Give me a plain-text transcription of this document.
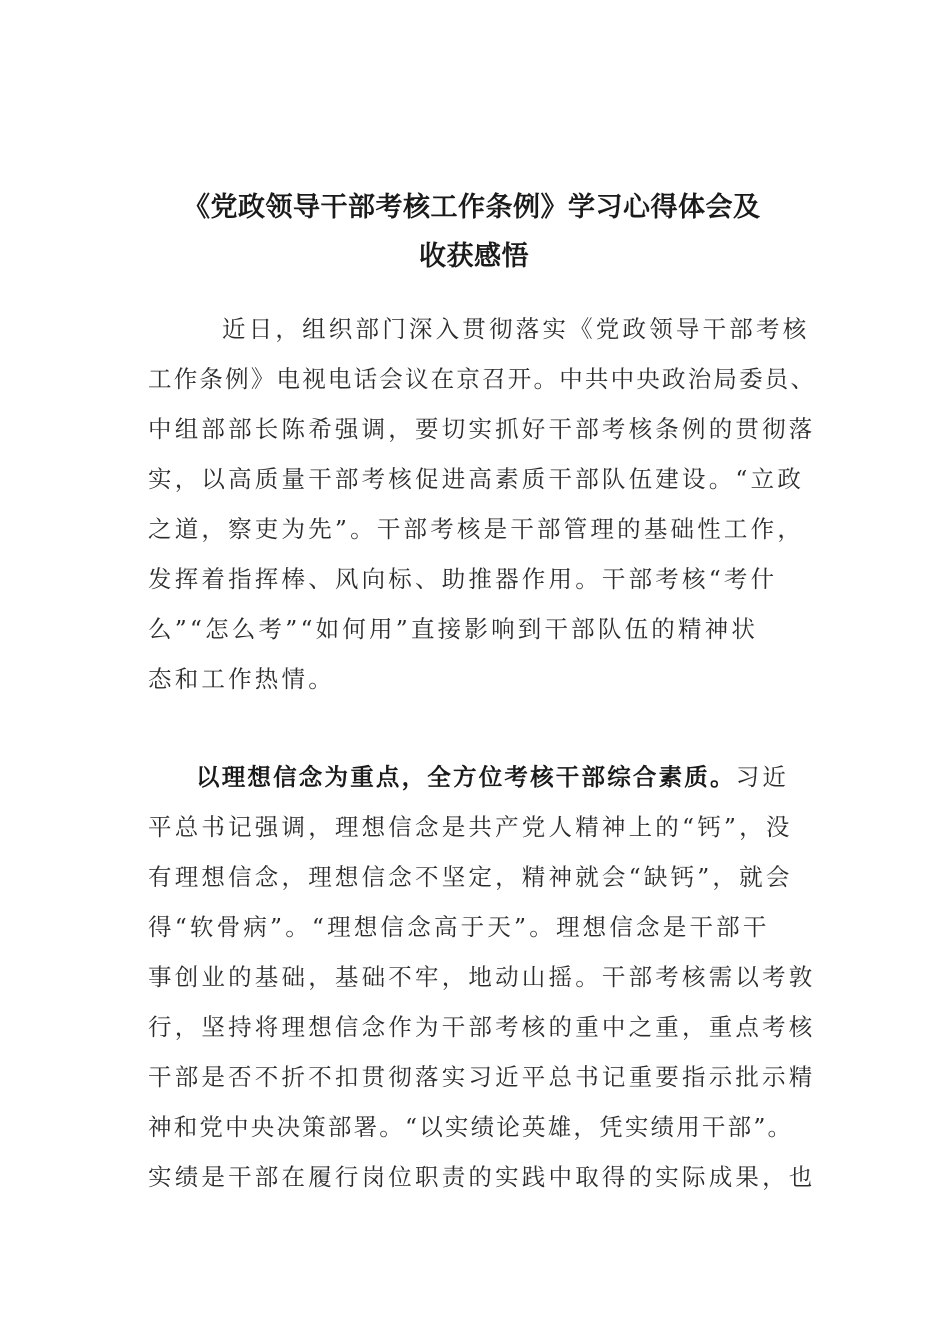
《党政领导干部考核工作条例》学习心得体会及
收获感悟
近日，组织部门深入贯彻落实《党政领导干部考核
工作条例》电视电话会议在京召开。中共中央政治局委员、
中组部部长陈希强调，要切实抓好干部考核条例的贯彻落
实，以高质量干部考核促进高素质干部队伍建设。“立政
之道，察吏为先”。干部考核是干部管理的基础性工作，
发挥着指挥棒、风向标、助推器作用。干部考核“考什
么”“怎么考”“如何用”直接影响到干部队伍的精神状
态和工作热情。
以理想信念为重点，全方位考核干部综合素质。习近
平总书记强调，理想信念是共产党人精神上的“钙”，没
有理想信念，理想信念不坚定，精神就会“缺钙”，就会
得“软骨病”。“理想信念高于天”。理想信念是干部干
事创业的基础，基础不牢，地动山摇。干部考核需以考敦
行，坚持将理想信念作为干部考核的重中之重，重点考核
干部是否不折不扣贯彻落实习近平总书记重要指示批示精
神和党中央决策部署。“以实绩论英雄，凭实绩用干部”。
实绩是干部在履行岗位职责的实践中取得的实际成果，也
